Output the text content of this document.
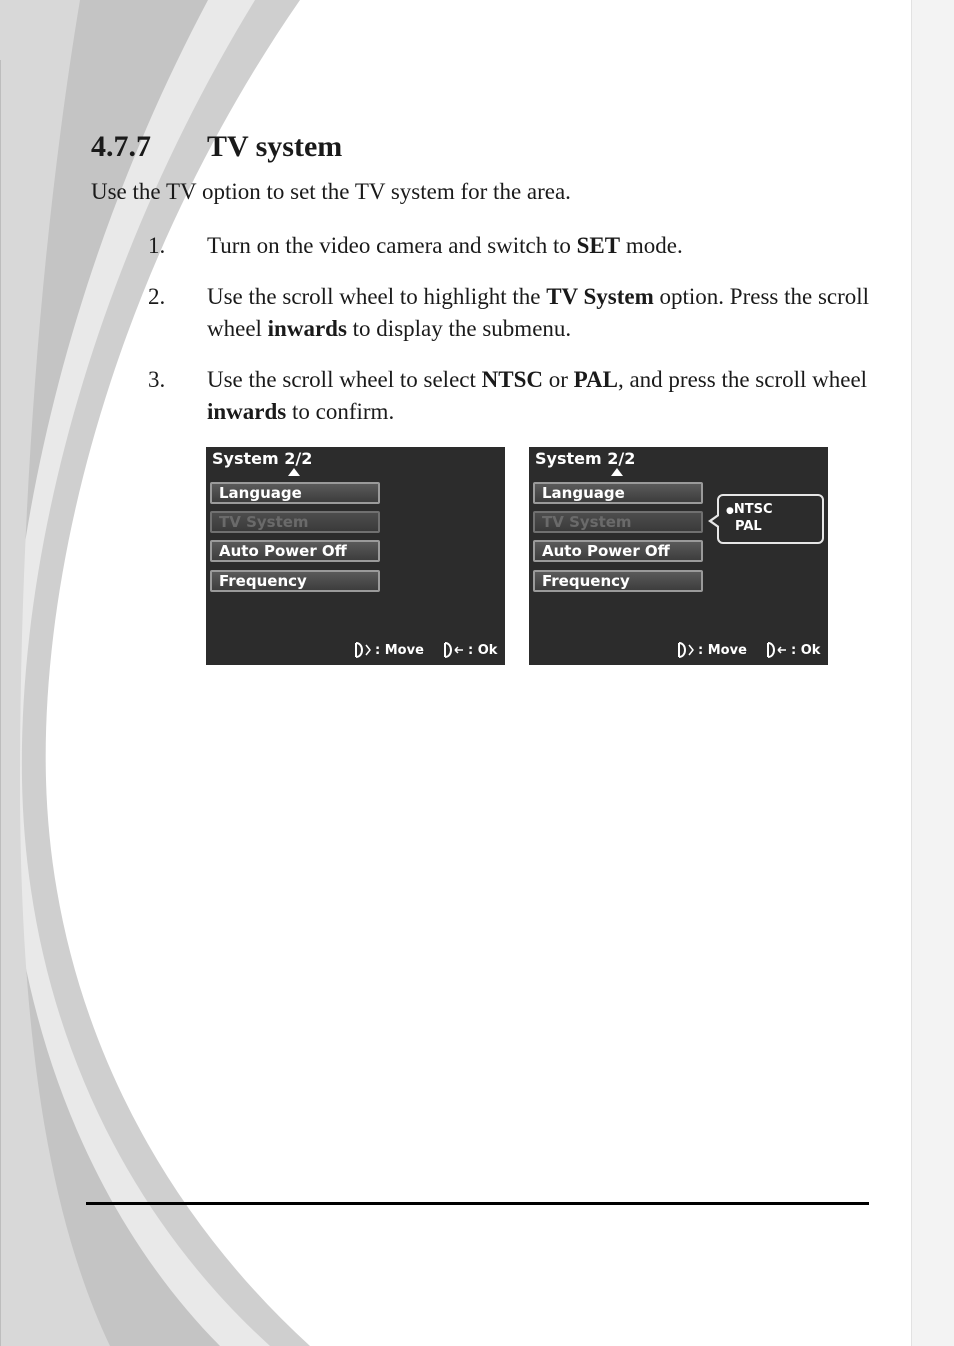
4.7.7 TV system
Use the TV option to set the TV system for the area.
1. Turn on the video camera and switch to SET mode.
2. Use the scroll wheel to highlight the TV System option. Press the scroll wheel inwards to display the submenu.
3. Use the scroll wheel to select NTSC or PAL, and press the scroll wheel inwards to confirm.
System 2/2
Language
TV System
Auto Power Off
Frequency
: Move	: Ok
System 2/2
Language
TV System
Auto Power Off
Frequency
●NTSC
PAL
: Move	: Ok
